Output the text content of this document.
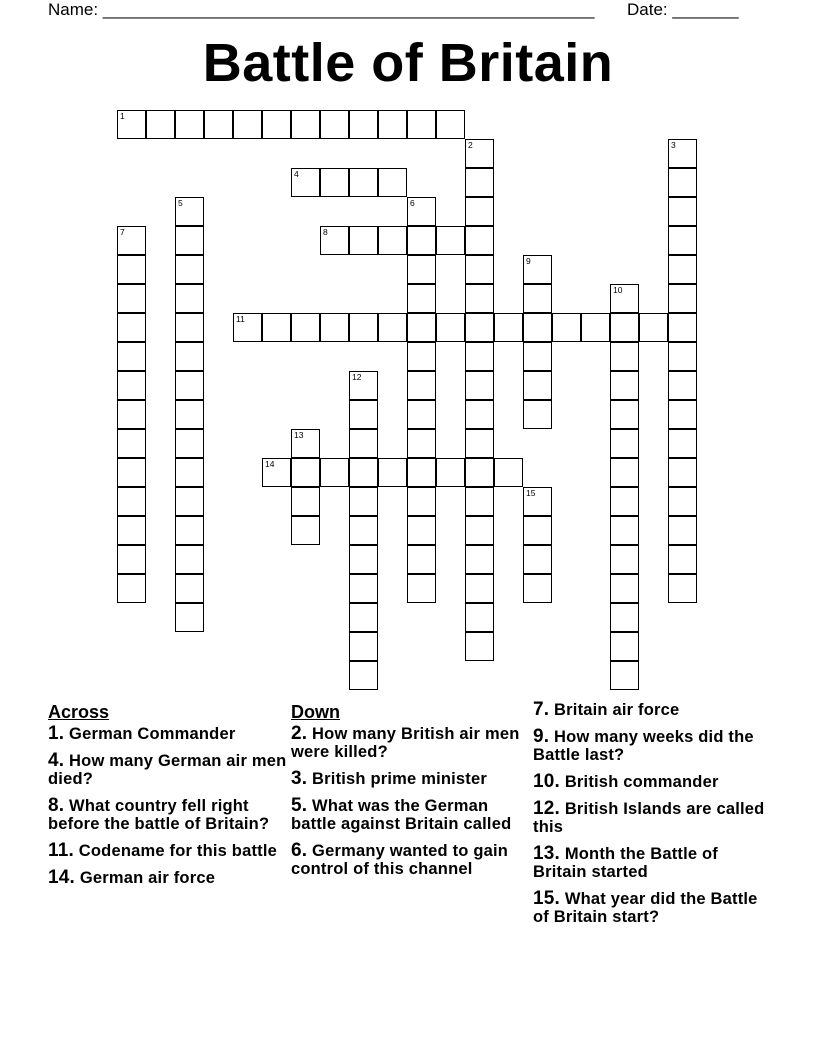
Name: ____________________________________________________ Date: _______
Battle of Britain
1
2	3
4
5	6
7	8
9
10
11
12
13
14
15
Across
1. German Commander
4. How many German air men died?
8. What country fell right before the battle of Britain?
11. Codename for this battle
14. German air force
Down
2. How many British air men were killed?
3. British prime minister
5. What was the German battle against Britain called
6. Germany wanted to gain control of this channel
7. Britain air force
9. How many weeks did the Battle last?
10. British commander
12. British Islands are called this
13. Month the Battle of Britain started
15. What year did the Battle of Britain start?
